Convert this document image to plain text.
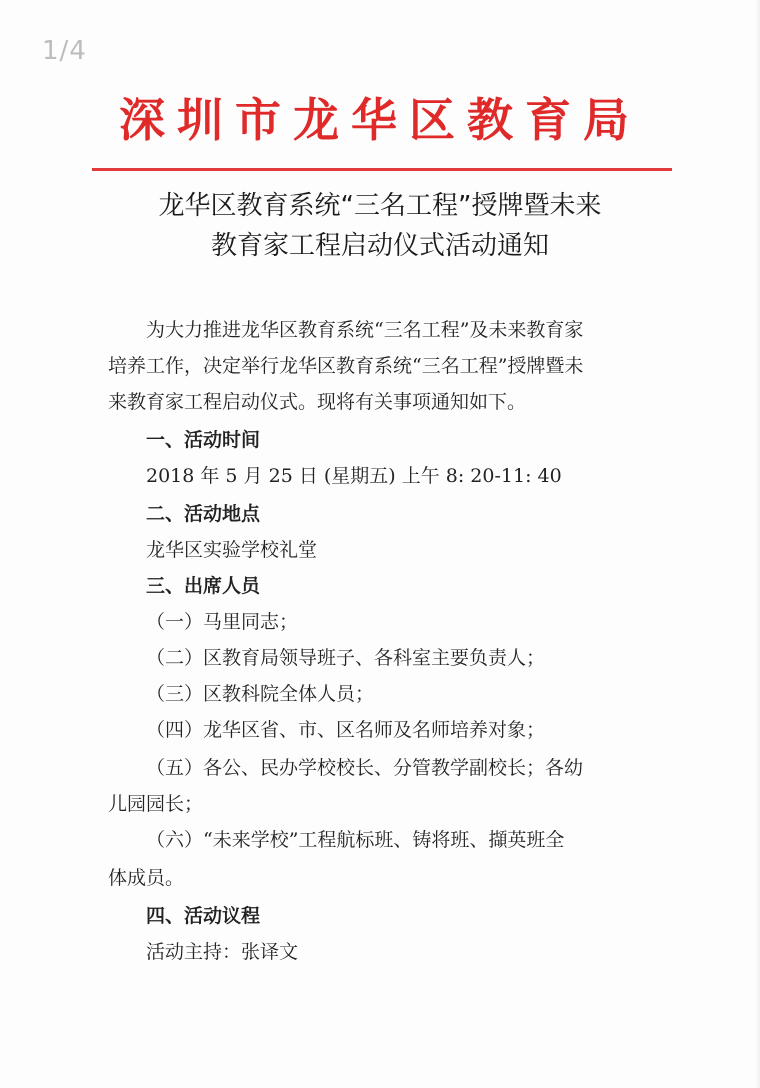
1/4
深圳市龙华区教育局
龙华区教育系统“三名工程”授牌暨未来
教育家工程启动仪式活动通知
为大力推进龙华区教育系统“三名工程”及未来教育家
培养工作，决定举行龙华区教育系统“三名工程”授牌暨未
来教育家工程启动仪式。现将有关事项通知如下。
一、活动时间
2018 年 5 月 25 日 (星期五) 上午 8: 20-11: 40
二、活动地点
龙华区实验学校礼堂
三、出席人员
（一）马里同志；
（二）区教育局领导班子、各科室主要负责人；
（三）区教科院全体人员；
（四）龙华区省、市、区名师及名师培养对象；
（五）各公、民办学校校长、分管教学副校长；各幼
儿园园长；
（六）“未来学校”工程航标班、铸将班、擷英班全
体成员。
四、活动议程
活动主持：张译文
